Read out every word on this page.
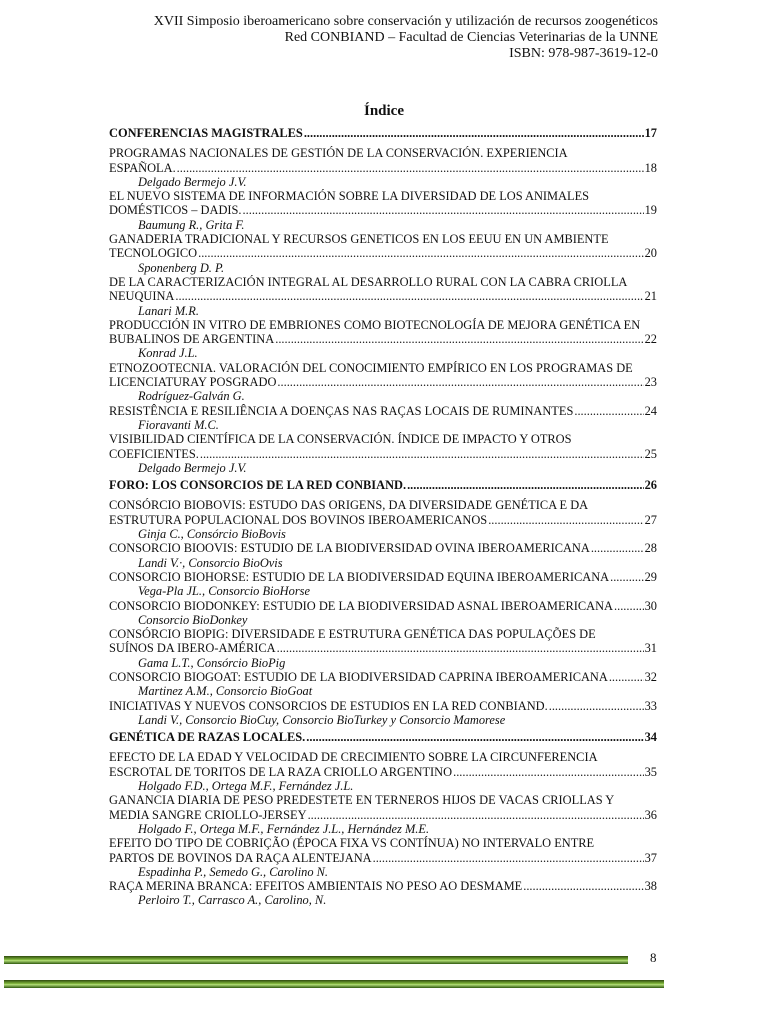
XVII Simposio iberoamericano sobre conservación y utilización de recursos zoogenéticos
Red CONBIAND – Facultad de Ciencias Veterinarias de la UNNE
ISBN: 978-987-3619-12-0
Índice
CONFERENCIAS MAGISTRALES .....	17
PROGRAMAS NACIONALES DE GESTIÓN DE LA CONSERVACIÓN. EXPERIENCIA
ESPAÑOLA. .....	18
Delgado Bermejo J.V.
EL NUEVO SISTEMA DE INFORMACIÓN SOBRE LA DIVERSIDAD DE LOS ANIMALES
DOMÉSTICOS – DADIS. .....	19
Baumung R., Grita F.
GANADERIA TRADICIONAL Y RECURSOS GENETICOS EN LOS EEUU EN UN AMBIENTE
TECNOLOGICO .....	20
Sponenberg D. P.
DE LA CARACTERIZACIÓN INTEGRAL AL DESARROLLO RURAL CON LA CABRA CRIOLLA
NEUQUINA .....	21
Lanari M.R.
PRODUCCIÓN IN VITRO DE EMBRIONES COMO BIOTECNOLOGÍA DE MEJORA GENÉTICA EN
BUBALINOS DE ARGENTINA .....	22
Konrad J.L.
ETNOZOOTECNIA. VALORACIÓN DEL CONOCIMIENTO EMPÍRICO EN LOS PROGRAMAS DE
LICENCIATURAY POSGRADO .....	23
Rodríguez-Galván G.
RESISTÊNCIA E RESILIÊNCIA A DOENÇAS NAS RAÇAS LOCAIS DE RUMINANTES .....	24
Fioravanti M.C.
VISIBILIDAD CIENTÍFICA DE LA CONSERVACIÓN. ÍNDICE DE IMPACTO Y OTROS
COEFICIENTES. .....	25
Delgado Bermejo J.V.
FORO: LOS CONSORCIOS DE LA RED CONBIAND. .....	26
CONSÓRCIO BIOBOVIS: ESTUDO DAS ORIGENS, DA DIVERSIDADE GENÉTICA E DA
ESTRUTURA POPULACIONAL DOS BOVINOS IBEROAMERICANOS .....	27
Ginja C., Consórcio BioBovis
CONSORCIO BIOOVIS: ESTUDIO DE LA BIODIVERSIDAD OVINA IBEROAMERICANA .....	28
Landi V.·, Consorcio BioOvis
CONSORCIO BIOHORSE: ESTUDIO DE LA BIODIVERSIDAD EQUINA IBEROAMERICANA .....	29
Vega-Pla JL., Consorcio BioHorse
CONSORCIO BIODONKEY: ESTUDIO DE LA BIODIVERSIDAD ASNAL IBEROAMERICANA .....	30
Consorcio BioDonkey
CONSÓRCIO BIOPIG: DIVERSIDADE E ESTRUTURA GENÉTICA DAS POPULAÇÕES DE
SUÍNOS DA IBERO-AMÉRICA .....	31
Gama L.T., Consórcio BioPig
CONSORCIO BIOGOAT: ESTUDIO DE LA BIODIVERSIDAD CAPRINA IBEROAMERICANA .....	32
Martinez A.M., Consorcio BioGoat
INICIATIVAS Y NUEVOS CONSORCIOS DE ESTUDIOS EN LA RED CONBIAND. .....	33
Landi V., Consorcio BioCuy, Consorcio BioTurkey y Consorcio Mamorese
GENÉTICA DE RAZAS LOCALES. .....	34
EFECTO DE LA EDAD Y VELOCIDAD DE CRECIMIENTO SOBRE LA CIRCUNFERENCIA
ESCROTAL DE TORITOS DE LA RAZA CRIOLLO ARGENTINO .....	35
Holgado F.D., Ortega M.F., Fernández J.L.
GANANCIA DIARIA DE PESO PREDESTETE EN TERNEROS HIJOS DE VACAS CRIOLLAS Y
MEDIA SANGRE CRIOLLO-JERSEY .....	36
Holgado F., Ortega M.F., Fernández J.L., Hernández M.E.
EFEITO DO TIPO DE COBRIÇÃO (ÉPOCA FIXA VS CONTÍNUA) NO INTERVALO ENTRE
PARTOS DE BOVINOS DA RAÇA ALENTEJANA .....	37
Espadinha P., Semedo G., Carolino N.
RAÇA MERINA BRANCA: EFEITOS AMBIENTAIS NO PESO AO DESMAME .....	38
Perloiro T., Carrasco A., Carolino, N.
8
